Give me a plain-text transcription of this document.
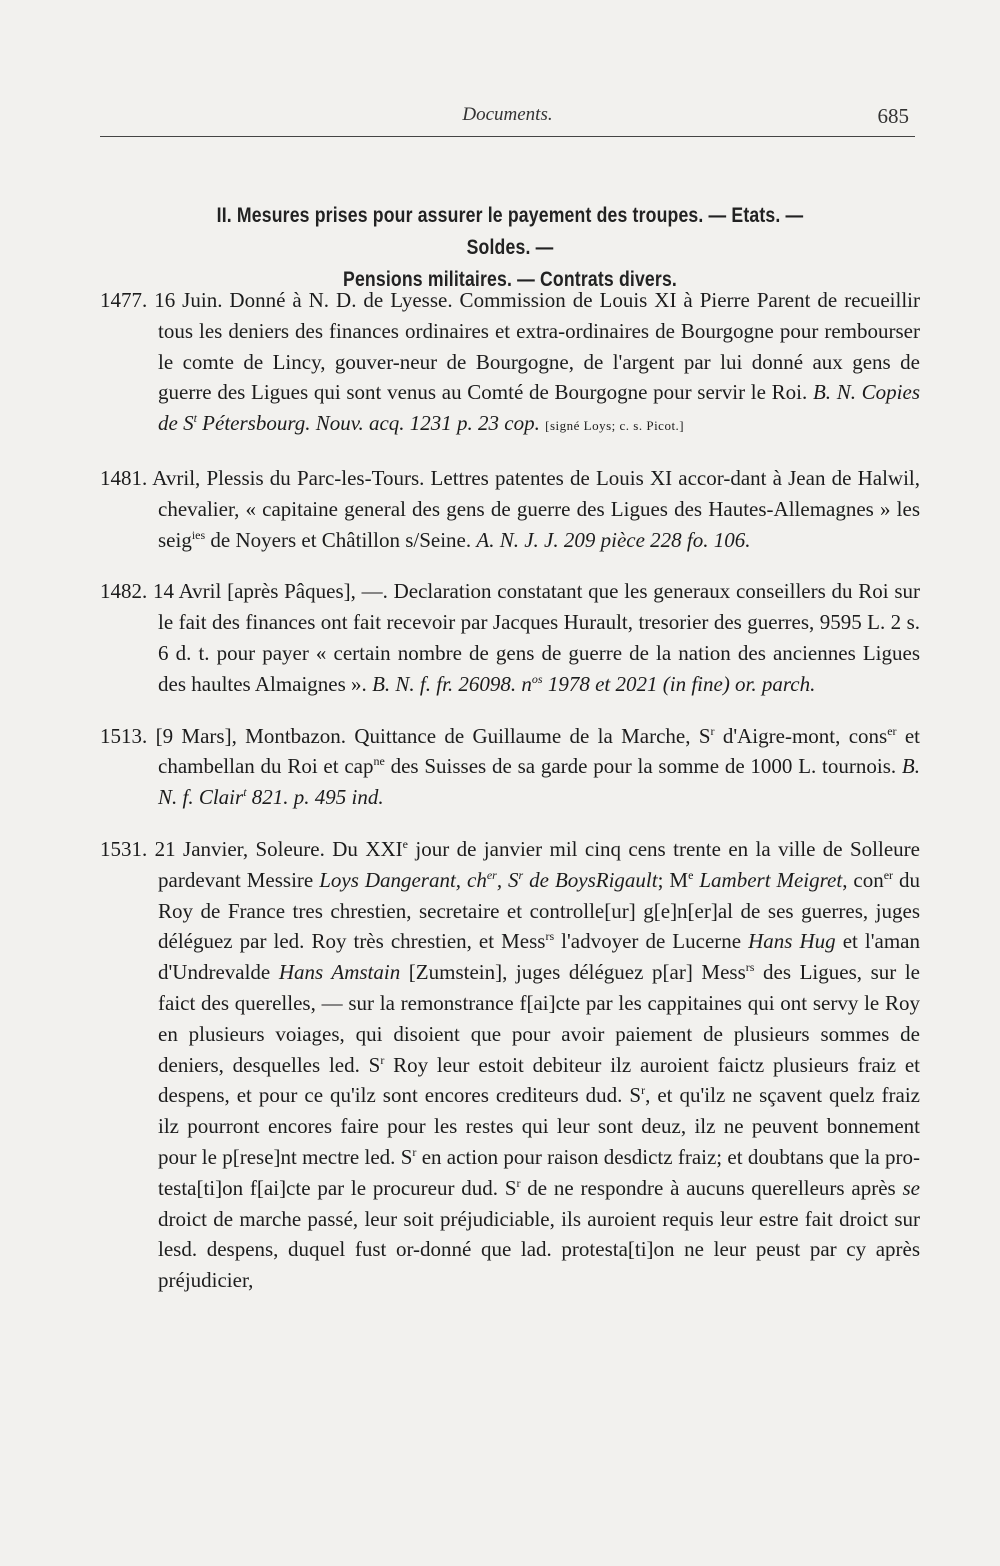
Documents.	685
II. Mesures prises pour assurer le payement des troupes. — Etats. — Soldes. —
Pensions militaires. — Contrats divers.

1477. 16 Juin. Donné à N. D. de Lyesse. Commission de Louis XI à Pierre Parent de recueillir tous les deniers des finances ordinaires et extra-ordinaires de Bourgogne pour rembourser le comte de Lincy, gouver-neur de Bourgogne, de l'argent par lui donné aux gens de guerre des Ligues qui sont venus au Comté de Bourgogne pour servir le Roi. B. N. Copies de S$^t$ Pétersbourg. Nouv. acq. 1231 p. 23 cop. [signé Loys; c. s. Picot.]

1481. Avril, Plessis du Parc-les-Tours. Lettres patentes de Louis XI accor-dant à Jean de Halwil, chevalier, « capitaine general des gens de guerre des Ligues des Hautes-Allemagnes » les seig$^{ies}$ de Noyers et Châtillon s/Seine. A. N. J. J. 209 pièce 228 fo. 106.

1482. 14 Avril [après Pâques], —. Declaration constatant que les generaux conseillers du Roi sur le fait des finances ont fait recevoir par Jacques Hurault, tresorier des guerres, 9595 L. 2 s. 6 d. t. pour payer « certain nombre de gens de guerre de la nation des anciennes Ligues des haultes Almaignes ». B. N. f. fr. 26098. n$^{os}$ 1978 et 2021 (in fine) or. parch.

1513. [9 Mars], Montbazon. Quittance de Guillaume de la Marche, $S^r$ d'Aigre-mont, cons$^{er}$ et chambellan du Roi et cap$^{ne}$ des Suisses de sa garde pour la somme de 1000 L. tournois. B. N. f. Clair$^t$ 821. p. 495 ind.

1531. 21 Janvier, Soleure. Du XXIe jour de janvier mil cinq cens trente en la ville de Solleure pardevant Messire Loys Dangerant, ch$^{er}$, S$^r$ de BoysRigault; Me Lambert Meigret, con$^{er}$ du Roy de France tres chrestien, secretaire et controlle[ur] g[e]n[er]al de ses guerres, juges déléguez par led. Roy très chrestien, et Mess$^{rs}$ l'advoyer de Lucerne Hans Hug et l'aman d'Undrevalde Hans Amstain [Zumstein], juges déléguez p[ar] Mess$^{rs}$ des Ligues, sur le faict des querelles, — sur la remonstrance f[ai]cte par les cappitaines qui ont servy le Roy en plusieurs voiages, qui disoient que pour avoir paiement de plusieurs sommes de deniers, desquelles led. $S^r$ Roy leur estoit debiteur ilz auroient faictz plusieurs fraiz et despens, et pour ce qu'ilz sont encores crediteurs dud. $S^r$, et qu'ilz ne sçavent quelz fraiz ilz pourront encores faire pour les restes qui leur sont deuz, ilz ne peuvent bonnement pour le p[rese]nt mectre led. $S^r$ en action pour raison desdictz fraiz; et doubtans que la pro-testa[ti]on f[ai]cte par le procureur dud. $S^r$ de ne respondre à aucuns querelleurs après se droict de marche passé, leur soit préjudiciable, ils auroient requis leur estre fait droict sur lesd. despens, duquel fust or-donné que lad. protesta[ti]on ne leur peust par cy après préjudicier,
